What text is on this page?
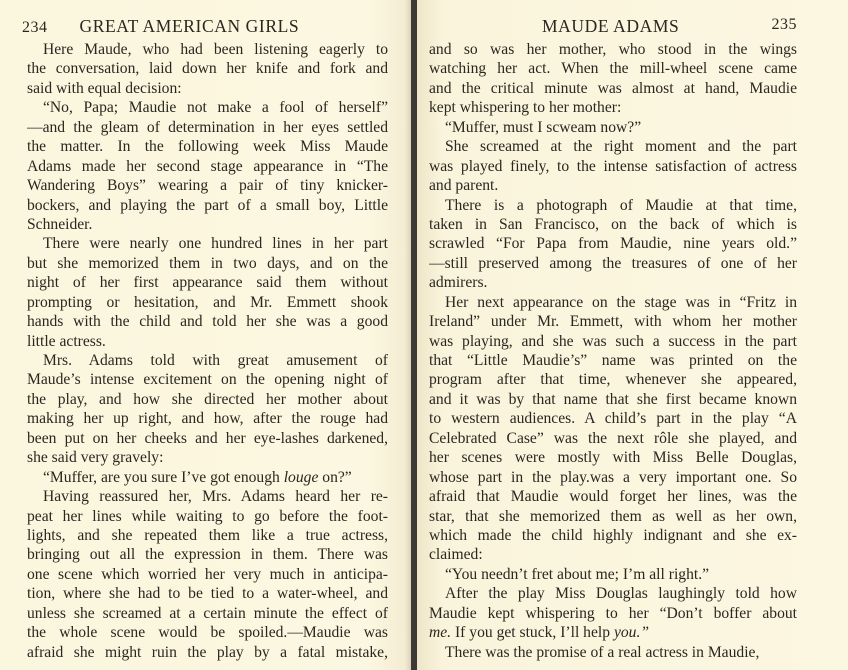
234 GREAT AMERICAN GIRLS
Here Maude, who had been listening eagerly to
the conversation, laid down her knife and fork and
said with equal decision:
“No, Papa; Maudie not make a fool of herself”
—and the gleam of determination in her eyes settled
the matter. In the following week Miss Maude
Adams made her second stage appearance in “The
Wandering Boys” wearing a pair of tiny knicker-
bockers, and playing the part of a small boy, Little
Schneider.
There were nearly one hundred lines in her part
but she memorized them in two days, and on the
night of her first appearance said them without
prompting or hesitation, and Mr. Emmett shook
hands with the child and told her she was a good
little actress.
Mrs. Adams told with great amusement of
Maude’s intense excitement on the opening night of
the play, and how she directed her mother about
making her up right, and how, after the rouge had
been put on her cheeks and her eye-lashes darkened,
she said very gravely:
“Muffer, are you sure I’ve got enough louge on?”
Having reassured her, Mrs. Adams heard her re-
peat her lines while waiting to go before the foot-
lights, and she repeated them like a true actress,
bringing out all the expression in them. There was
one scene which worried her very much in anticipa-
tion, where she had to be tied to a water-wheel, and
unless she screamed at a certain minute the effect of
the whole scene would be spoiled.—Maudie was
afraid she might ruin the play by a fatal mistake,
MAUDE ADAMS	235
and so was her mother, who stood in the wings
watching her act. When the mill-wheel scene came
and the critical minute was almost at hand, Maudie
kept whispering to her mother:
“Muffer, must I scweam now?”
She screamed at the right moment and the part
was played finely, to the intense satisfaction of actress
and parent.
There is a photograph of Maudie at that time,
taken in San Francisco, on the back of which is
scrawled “For Papa from Maudie, nine years old.”
—still preserved among the treasures of one of her
admirers.
Her next appearance on the stage was in “Fritz in
Ireland” under Mr. Emmett, with whom her mother
was playing, and she was such a success in the part
that “Little Maudie’s” name was printed on the
program after that time, whenever she appeared,
and it was by that name that she first became known
to western audiences. A child’s part in the play “A
Celebrated Case” was the next rôle she played, and
her scenes were mostly with Miss Belle Douglas,
whose part in the play.was a very important one. So
afraid that Maudie would forget her lines, was the
star, that she memorized them as well as her own,
which made the child highly indignant and she ex-
claimed:
“You needn’t fret about me; I’m all right.”
After the play Miss Douglas laughingly told how
Maudie kept whispering to her “Don’t boffer about
me. If you get stuck, I’ll help you.”
There was the promise of a real actress in Maudie,
